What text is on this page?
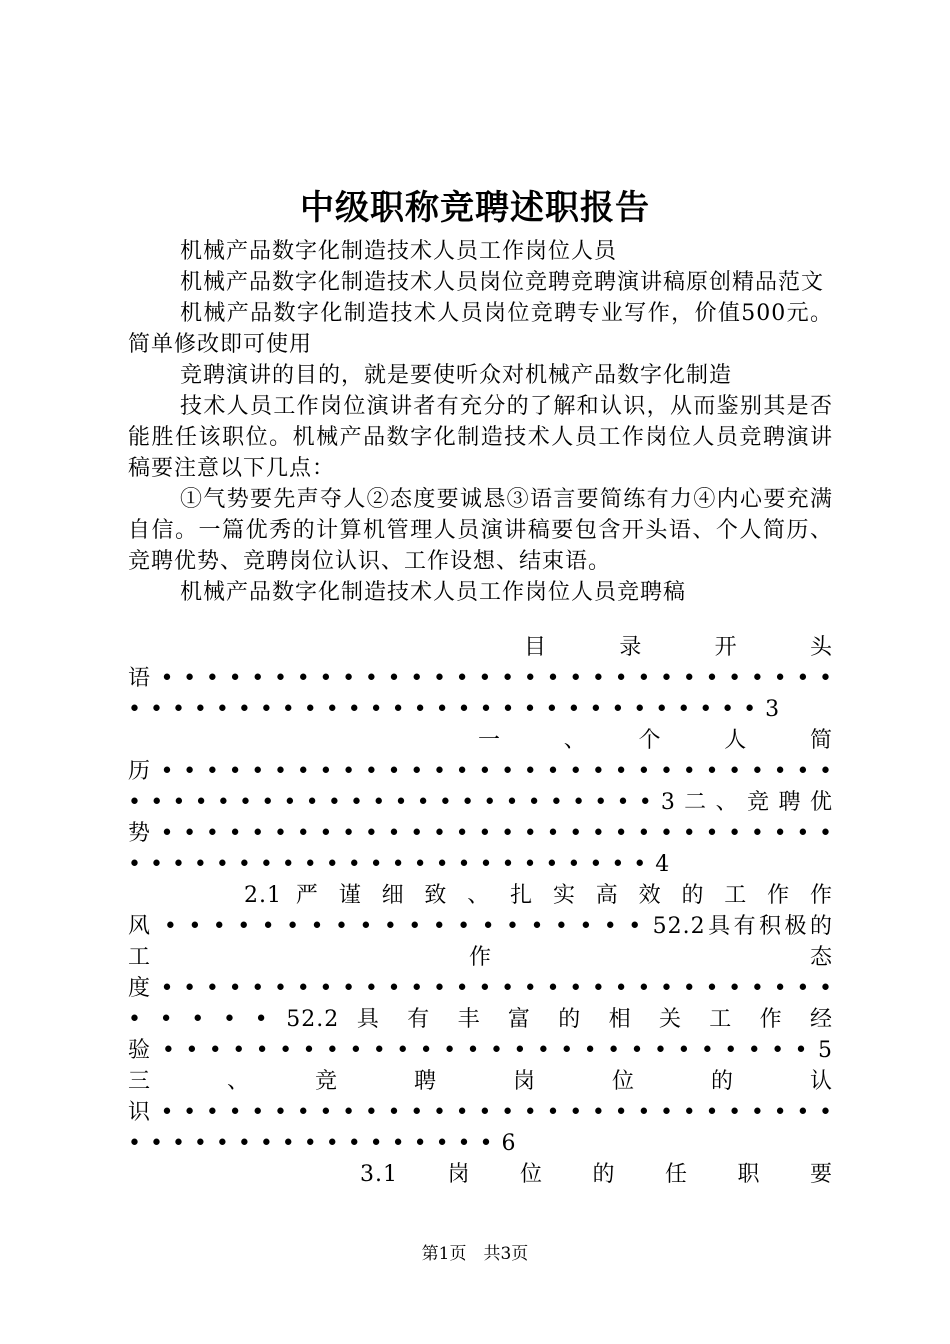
中级职称竞聘述职报告

机械产品数字化制造技术人员工作岗位人员

机械产品数字化制造技术人员岗位竞聘竞聘演讲稿原创精品范文

机械产品数字化制造技术人员岗位竞聘专业写作，价值500元。简单修改即可使用

竞聘演讲的目的，就是要使听众对机械产品数字化制造

技术人员工作岗位演讲者有充分的了解和认识，从而鉴别其是否能胜任该职位。机械产品数字化制造技术人员工作岗位人员竞聘演讲稿要注意以下几点：

①气势要先声夺人②态度要诚恳③语言要简练有力④内心要充满自信。一篇优秀的计算机管理人员演讲稿要包含开头语、个人简历、竞聘优势、竞聘岗位认识、工作设想、结束语。

机械产品数字化制造技术人员工作岗位人员竞聘稿

目　　录　　开　　头
语 • • • • • • • • • • • • • • • • • • • • • • • • • • • • • •
• • • • • • • • • • • • • • • • • • • • • • • • • • • • • 3
一　　、　　个　　人　　简
历 • • • • • • • • • • • • • • • • • • • • • • • • • • • • • •
• • • • • • • • • • • • • • • • • • • • • • • • 3 二 、 竞 聘 优
势 • • • • • • • • • • • • • • • • • • • • • • • • • • • • • •
• • • • • • • • • • • • • • • • • • • • • • • • 4
2.1 严 谨 细 致 、 扎 实 高 效 的 工 作 作
风 • • • • • • • • • • • • • • • • • • • • 52.2具有积极的
工　　　　　　　　　　　作　　　　　　　　　　　态
度 • • • • • • • • • • • • • • • • • • • • • • • • • • • • • •
• • • • • 52.2 具 有 丰 富 的 相 关 工 作 经
验 • • • • • • • • • • • • • • • • • • • • • • • • • • • • 5
三　　、　　竞　　聘　　岗　　位　　的　　认
识 • • • • • • • • • • • • • • • • • • • • • • • • • • • • • •
• • • • • • • • • • • • • • • • • 6
3.1　　岗　　位　　的　　任　　职　　要
第1页　共3页
